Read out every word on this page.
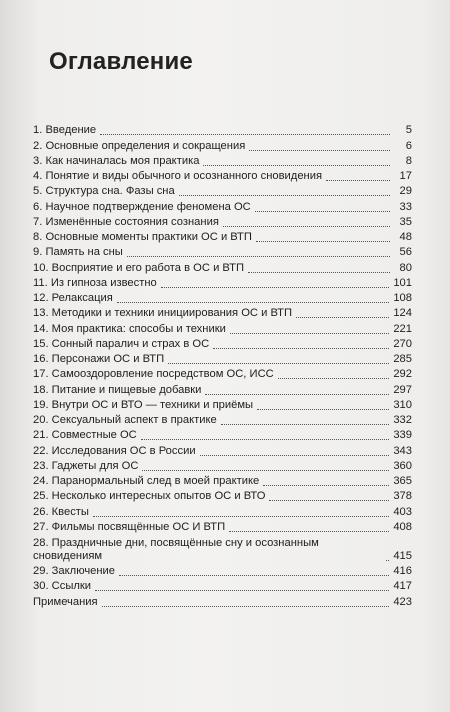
Оглавление
1. Введение	5
2. Основные определения и сокращения	6
3. Как начиналась моя практика	8
4. Понятие и виды обычного и осознанного сновидения	17
5. Структура сна. Фазы сна	29
6. Научное подтверждение феномена ОС	33
7. Изменённые состояния сознания	35
8. Основные моменты практики ОС и ВТП	48
9. Память на сны	56
10. Восприятие и его работа в ОС и ВТП	80
11. Из гипноза известно	101
12. Релаксация	108
13. Методики и техники инициирования ОС и ВТП	124
14. Моя практика: способы и техники	221
15. Сонный паралич и страх в ОС	270
16. Персонажи ОС и ВТП	285
17. Самооздоровление посредством ОС, ИСС	292
18. Питание и пищевые добавки	297
19. Внутри ОС и ВТО — техники и приёмы	310
20. Сексуальный аспект в практике	332
21. Совместные ОС	339
22. Исследования ОС в России	343
23. Гаджеты для ОС	360
24. Паранормальный след в моей практике	365
25. Несколько интересных опытов ОС и ВТО	378
26. Квесты	403
27. Фильмы посвящённые ОС И ВТП	408
28. Праздничные дни, посвящённые сну и осознанным сновидениям	415
29. Заключение	416
30. Ссылки	417
Примечания	423
